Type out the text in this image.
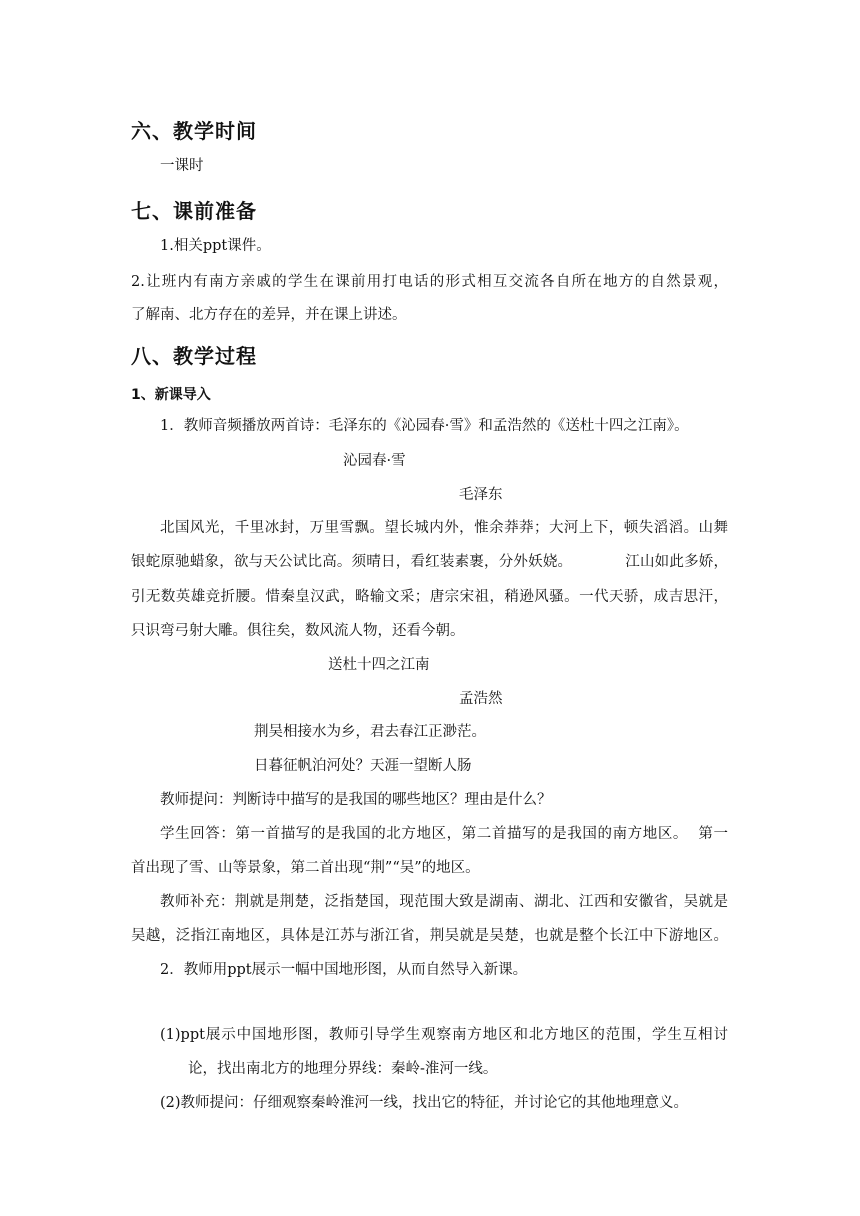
六、教学时间
一课时
七、课前准备
1.相关ppt课件。
2.让班内有南方亲戚的学生在课前用打电话的形式相互交流各自所在地方的自然景观，
了解南、北方存在的差异，并在课上讲述。
八、教学过程
1、新课导入
1．教师音频播放两首诗：毛泽东的《沁园春·雪》和孟浩然的《送杜十四之江南》。
沁园春·雪
毛泽东
北国风光，千里冰封，万里雪飘。望长城内外，惟余莽莽；大河上下，顿失滔滔。山舞
银蛇原驰蜡象，欲与天公试比高。须晴日，看红装素裹，分外妖娆。           江山如此多娇，
引无数英雄竞折腰。惜秦皇汉武，略输文采；唐宗宋祖，稍逊风骚。一代天骄，成吉思汗，
只识弯弓射大雕。俱往矣，数风流人物，还看今朝。
送杜十四之江南
孟浩然
荆吴相接水为乡，君去春江正渺茫。
日暮征帆泊河处？天涯一望断人肠
教师提问：判断诗中描写的是我国的哪些地区？理由是什么？
学生回答：第一首描写的是我国的北方地区，第二首描写的是我国的南方地区。  第一
首出现了雪、山等景象，第二首出现“荆”“吴”的地区。
教师补充：荆就是荆楚，泛指楚国，现范围大致是湖南、湖北、江西和安徽省，吴就是
吴越，泛指江南地区，具体是江苏与浙江省，荆吴就是吴楚，也就是整个长江中下游地区。
2．教师用ppt展示一幅中国地形图，从而自然导入新课。
(1)ppt展示中国地形图，教师引导学生观察南方地区和北方地区的范围，学生互相讨
论，找出南北方的地理分界线：秦岭-淮河一线。
(2)教师提问：仔细观察秦岭淮河一线，找出它的特征，并讨论它的其他地理意义。
